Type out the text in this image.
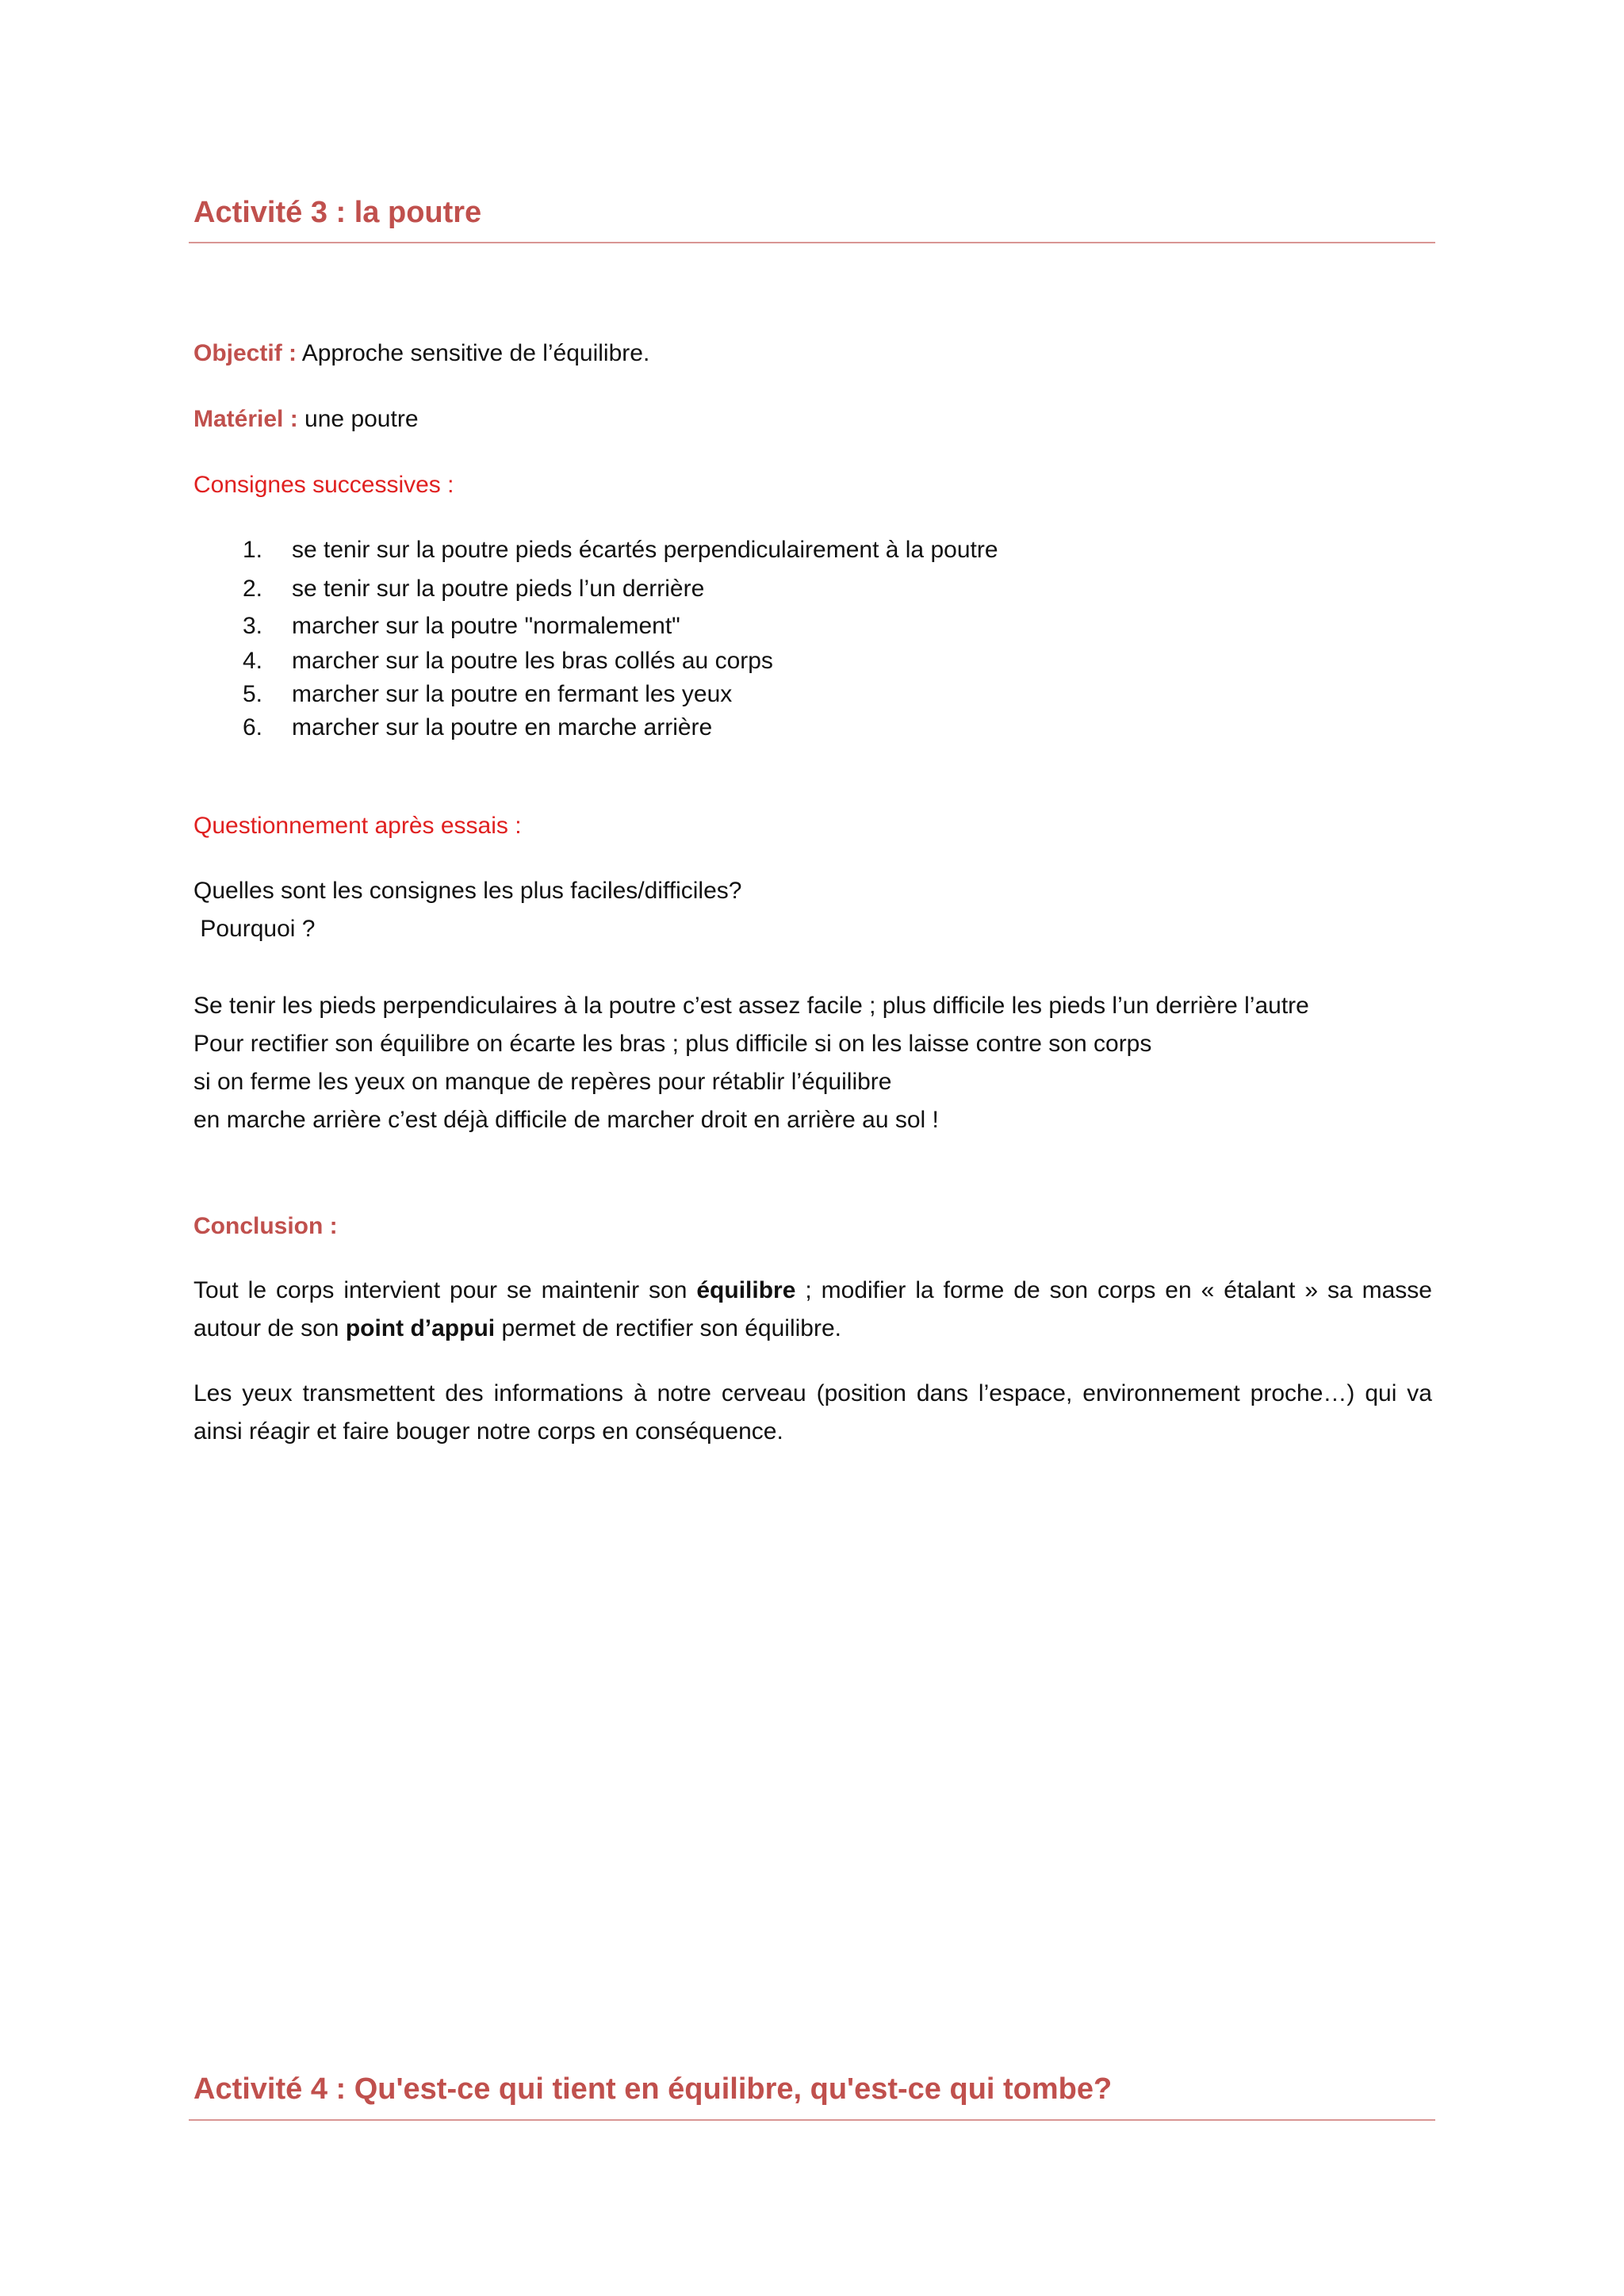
Activité 3 : la poutre
Objectif : Approche sensitive de l’équilibre.
Matériel : une poutre
Consignes successives :
1.	se tenir sur la poutre pieds écartés perpendiculairement à la poutre
2.	se tenir sur la poutre pieds l’un derrière
3.	marcher sur la poutre "normalement"
4.	marcher sur la poutre les bras collés au corps
5.	marcher sur la poutre en fermant les yeux
6.	marcher sur la poutre en marche arrière
Questionnement après essais :
Quelles sont les consignes les plus faciles/difficiles?
Pourquoi ?
Se tenir les pieds perpendiculaires à la poutre c’est assez facile ; plus difficile les pieds l’un derrière l’autre
Pour rectifier son équilibre on écarte les bras ; plus difficile si on les laisse contre son corps
si on ferme les yeux on manque de repères pour rétablir l’équilibre
en marche arrière c’est déjà difficile de marcher droit en arrière au sol !
Conclusion :
Tout le corps intervient pour se maintenir son équilibre ; modifier la forme de son corps en « étalant » sa masse autour de son point d’appui permet de rectifier son équilibre.
Les yeux transmettent des informations à notre cerveau (position dans l’espace, environnement proche…) qui va ainsi réagir et faire bouger notre corps en conséquence.
Activité 4 : Qu'est-ce qui tient en équilibre, qu'est-ce qui tombe?
